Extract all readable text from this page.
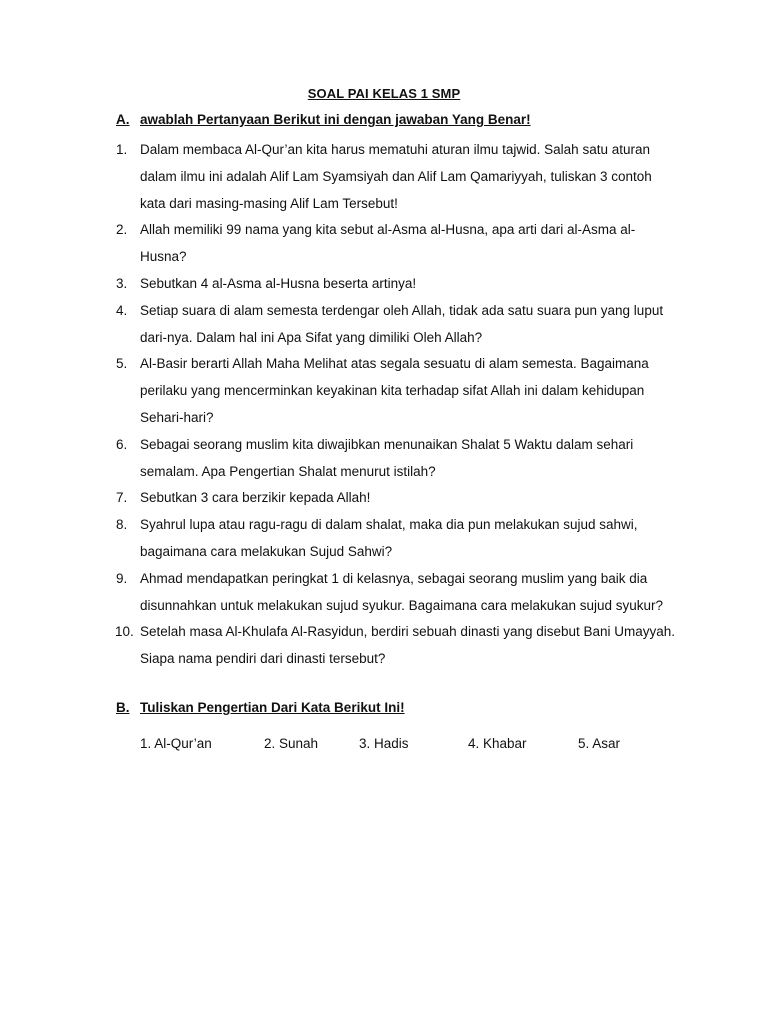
SOAL PAI KELAS 1 SMP
A. awablah Pertanyaan Berikut ini dengan jawaban Yang Benar!
1. Dalam membaca Al-Qur’an kita harus mematuhi aturan ilmu tajwid. Salah satu aturan dalam ilmu ini adalah Alif Lam Syamsiyah dan Alif Lam Qamariyyah, tuliskan 3 contoh kata dari masing-masing Alif Lam Tersebut!
2. Allah memiliki 99 nama yang kita sebut al-Asma al-Husna, apa arti dari al-Asma al-Husna?
3. Sebutkan 4 al-Asma al-Husna beserta artinya!
4. Setiap suara di alam semesta terdengar oleh Allah, tidak ada satu suara pun yang luput dari-nya. Dalam hal ini Apa Sifat yang dimiliki Oleh Allah?
5. Al-Basir berarti Allah Maha Melihat atas segala sesuatu di alam semesta. Bagaimana perilaku yang mencerminkan keyakinan kita terhadap sifat Allah ini dalam kehidupan Sehari-hari?
6. Sebagai seorang muslim kita diwajibkan menunaikan Shalat 5 Waktu dalam sehari semalam. Apa Pengertian Shalat menurut istilah?
7. Sebutkan 3 cara berzikir kepada Allah!
8. Syahrul lupa atau ragu-ragu di dalam shalat, maka dia pun melakukan sujud sahwi, bagaimana cara melakukan Sujud Sahwi?
9. Ahmad mendapatkan peringkat 1 di kelasnya, sebagai seorang muslim yang baik dia disunnahkan untuk melakukan sujud syukur. Bagaimana cara melakukan sujud syukur?
10. Setelah masa Al-Khulafa Al-Rasyidun, berdiri sebuah dinasti yang disebut Bani Umayyah. Siapa nama pendiri dari dinasti tersebut?
B. Tuliskan Pengertian Dari Kata Berikut Ini!
1. Al-Qur’an	2. Sunah	3. Hadis	4. Khabar	5. Asar
